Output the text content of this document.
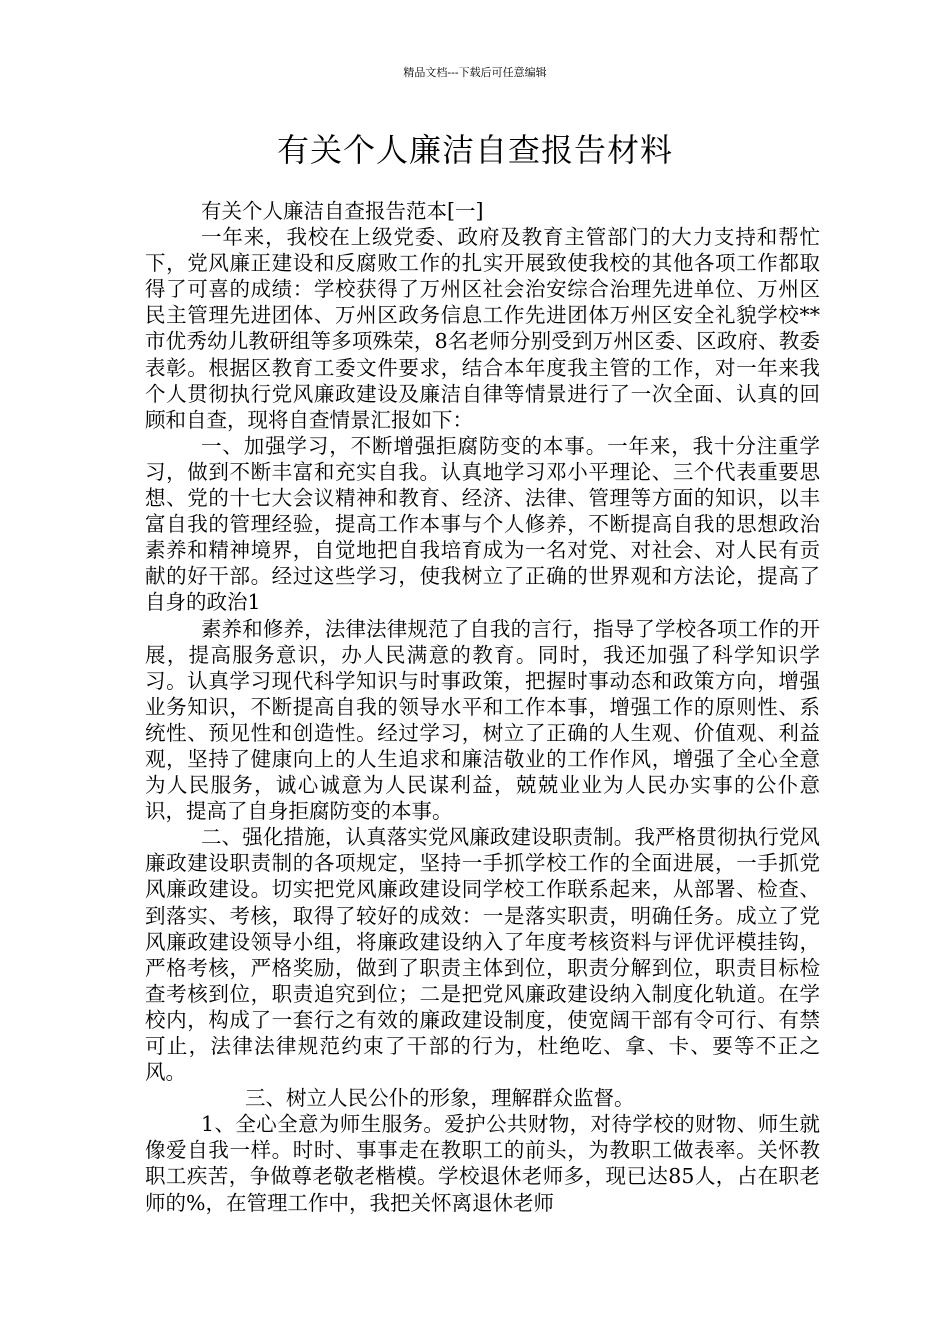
精品文档---下载后可任意编辑
有关个人廉洁自查报告材料

有关个人廉洁自查报告范本[一]

一年来，我校在上级党委、政府及教育主管部门的大力支持和帮忙下，党风廉正建设和反腐败工作的扎实开展致使我校的其他各项工作都取得了可喜的成绩：学校获得了万州区社会治安综合治理先进单位、万州区民主管理先进团体、万州区政务信息工作先进团体万州区安全礼貌学校**市优秀幼儿教研组等多项殊荣，8名老师分别受到万州区委、区政府、教委表彰。根据区教育工委文件要求，结合本年度我主管的工作，对一年来我个人贯彻执行党风廉政建设及廉洁自律等情景进行了一次全面、认真的回顾和自查，现将自查情景汇报如下：

一、加强学习，不断增强拒腐防变的本事。一年来，我十分注重学习，做到不断丰富和充实自我。认真地学习邓小平理论、三个代表重要思想、党的十七大会议精神和教育、经济、法律、管理等方面的知识，以丰富自我的管理经验，提高工作本事与个人修养，不断提高自我的思想政治素养和精神境界，自觉地把自我培育成为一名对党、对社会、对人民有贡献的好干部。经过这些学习，使我树立了正确的世界观和方法论，提高了自身的政治1

素养和修养，法律法律规范了自我的言行，指导了学校各项工作的开展，提高服务意识，办人民满意的教育。同时，我还加强了科学知识学习。认真学习现代科学知识与时事政策，把握时事动态和政策方向，增强业务知识，不断提高自我的领导水平和工作本事，增强工作的原则性、系统性、预见性和创造性。经过学习，树立了正确的人生观、价值观、利益观，坚持了健康向上的人生追求和廉洁敬业的工作作风，增强了全心全意为人民服务，诚心诚意为人民谋利益，兢兢业业为人民办实事的公仆意识，提高了自身拒腐防变的本事。

二、强化措施，认真落实党风廉政建设职责制。我严格贯彻执行党风廉政建设职责制的各项规定，坚持一手抓学校工作的全面进展，一手抓党风廉政建设。切实把党风廉政建设同学校工作联系起来，从部署、检查、到落实、考核，取得了较好的成效：一是落实职责，明确任务。成立了党风廉政建设领导小组，将廉政建设纳入了年度考核资料与评优评模挂钩，严格考核，严格奖励，做到了职责主体到位，职责分解到位，职责目标检查考核到位，职责追究到位；二是把党风廉政建设纳入制度化轨道。在学校内，构成了一套行之有效的廉政建设制度，使宽阔干部有令可行、有禁可止，法律法律规范约束了干部的行为，杜绝吃、拿、卡、要等不正之风。

三、树立人民公仆的形象，理解群众监督。

1、全心全意为师生服务。爱护公共财物，对待学校的财物、师生就像爱自我一样。时时、事事走在教职工的前头，为教职工做表率。关怀教职工疾苦，争做尊老敬老楷模。学校退休老师多，现已达85人，占在职老师的%，在管理工作中，我把关怀离退休老师
